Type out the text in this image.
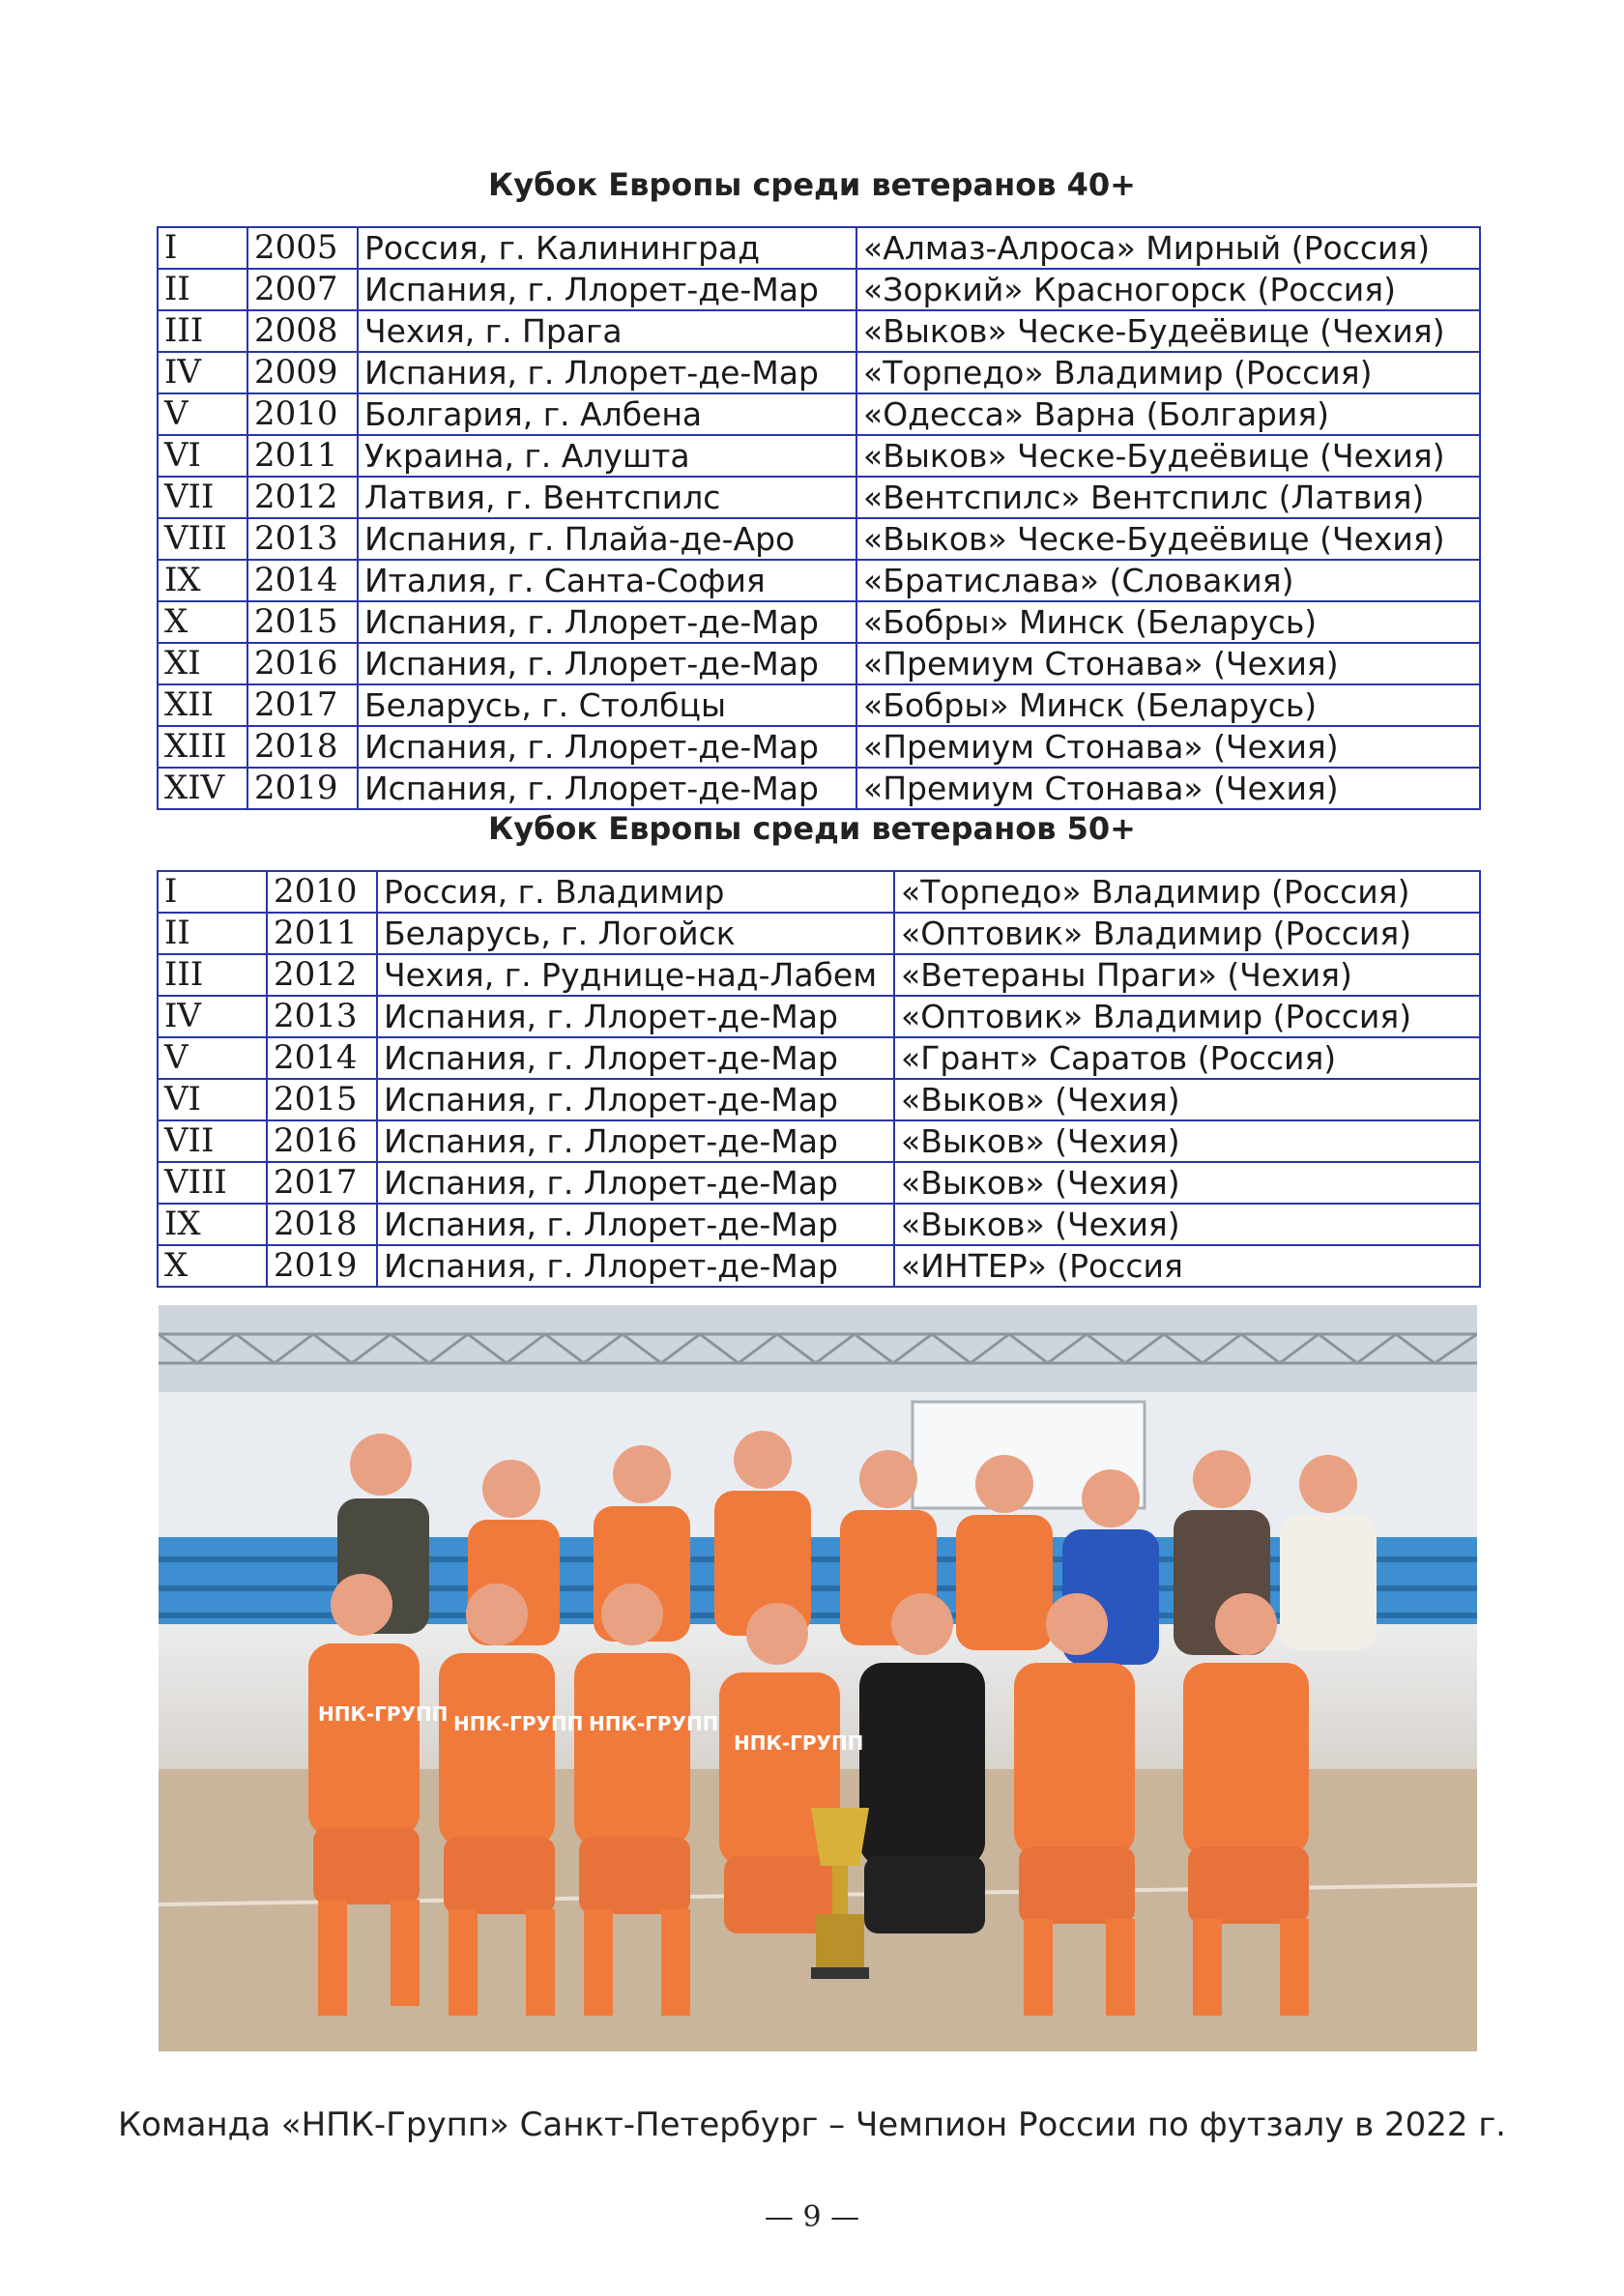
Кубок Европы среди ветеранов 40+
I	2005	Россия, г. Калининград	«Алмаз-Алроса» Мирный (Россия)
II	2007	Испания, г. Ллорет-де-Мар	«Зоркий» Красногорск (Россия)
III	2008	Чехия, г. Прага	«Выков» Ческе-Будеёвице (Чехия)
IV	2009	Испания, г. Ллорет-де-Мар	«Торпедо» Владимир (Россия)
V	2010	Болгария, г. Албена	«Одесса» Варна (Болгария)
VI	2011	Украина, г. Алушта	«Выков» Ческе-Будеёвице (Чехия)
VII	2012	Латвия, г. Вентспилс	«Вентспилс» Вентспилс (Латвия)
VIII	2013	Испания, г. Плайа-де-Аро	«Выков» Ческе-Будеёвице (Чехия)
IX	2014	Италия, г. Санта-София	«Братислава» (Словакия)
X	2015	Испания, г. Ллорет-де-Мар	«Бобры» Минск (Беларусь)
XI	2016	Испания, г. Ллорет-де-Мар	«Премиум Стонава» (Чехия)
XII	2017	Беларусь, г. Столбцы	«Бобры» Минск (Беларусь)
XIII	2018	Испания, г. Ллорет-де-Мар	«Премиум Стонава» (Чехия)
XIV	2019	Испания, г. Ллорет-де-Мар	«Премиум Стонава» (Чехия)
Кубок Европы среди ветеранов 50+
I	2010	Россия, г. Владимир	«Торпедо» Владимир (Россия)
II	2011	Беларусь, г. Логойск	«Оптовик» Владимир (Россия)
III	2012	Чехия, г. Руднице-над-Лабем	«Ветераны Праги» (Чехия)
IV	2013	Испания, г. Ллорет-де-Мар	«Оптовик» Владимир (Россия)
V	2014	Испания, г. Ллорет-де-Мар	«Грант» Саратов (Россия)
VI	2015	Испания, г. Ллорет-де-Мар	«Выков» (Чехия)
VII	2016	Испания, г. Ллорет-де-Мар	«Выков» (Чехия)
VIII	2017	Испания, г. Ллорет-де-Мар	«Выков» (Чехия)
IX	2018	Испания, г. Ллорет-де-Мар	«Выков» (Чехия)
X	2019	Испания, г. Ллорет-де-Мар	«ИНТЕР» (Россия
НПК-ГРУПП НПК-ГРУПП НПК-ГРУПП
НПК-ГРУПП
Команда «НПК-Групп» Санкт-Петербург – Чемпион России по футзалу в 2022 г.
— 9 —
